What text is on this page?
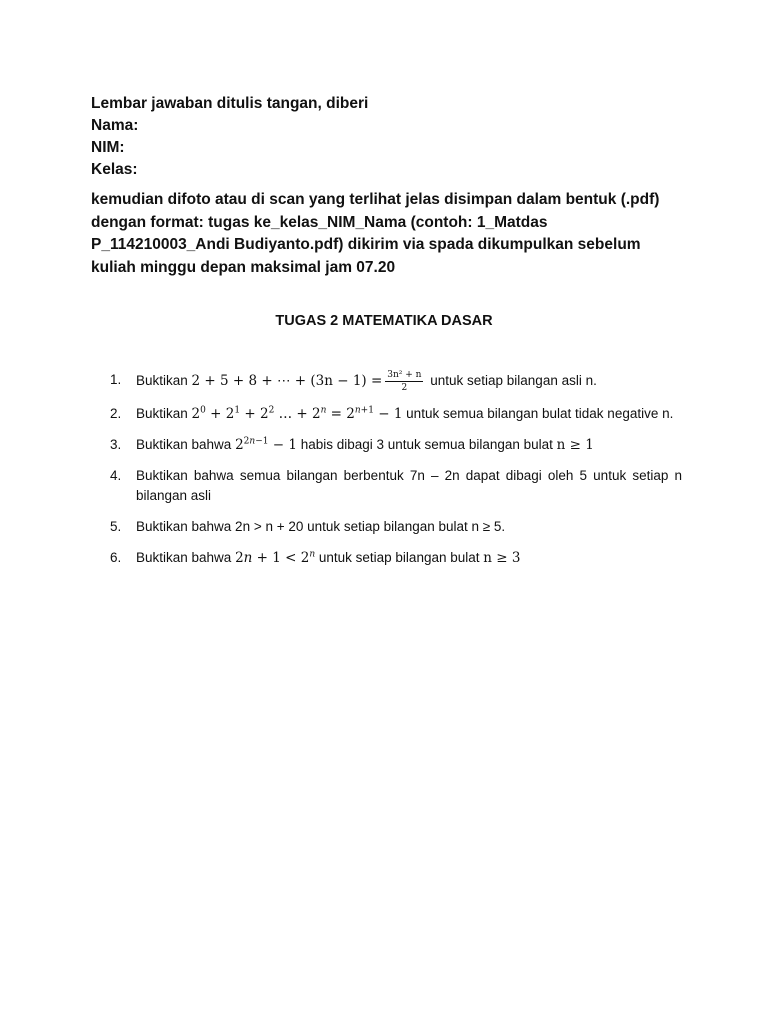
Lembar jawaban ditulis tangan, diberi
Nama:
NIM:
Kelas:

kemudian difoto atau di scan yang terlihat jelas disimpan dalam bentuk (.pdf)

dengan format: tugas ke_kelas_NIM_Nama (contoh: 1_Matdas

P_114210003_Andi Budiyanto.pdf) dikirim via spada dikumpulkan sebelum

kuliah minggu depan maksimal jam 07.20

TUGAS 2 MATEMATIKA DASAR
1.	Buktikan 2 + 5 + 8 + ⋯ + $(3n - 1) = \frac{\text{3n² + n}}{2}$ untuk setiap bilangan asli n.
2.	Buktikan $2^0 + 2^1 + 2^2$ … + $2^n = 2^{n+1} - 1$ untuk semua bilangan bulat tidak negative n.
3.	Buktikan bahwa $2^{2n-1} - 1$ habis dibagi 3 untuk semua bilangan bulat n ≥ 1
4.	Buktikan bahwa semua bilangan berbentuk 7n – 2n dapat dibagi oleh 5 untuk setiap n bilangan asli
5.	Buktikan bahwa 2n > n + 20 untuk setiap bilangan bulat n ≥ 5.
6.	Buktikan bahwa $2n + 1 < 2^n$ untuk setiap bilangan bulat n ≥ 3
